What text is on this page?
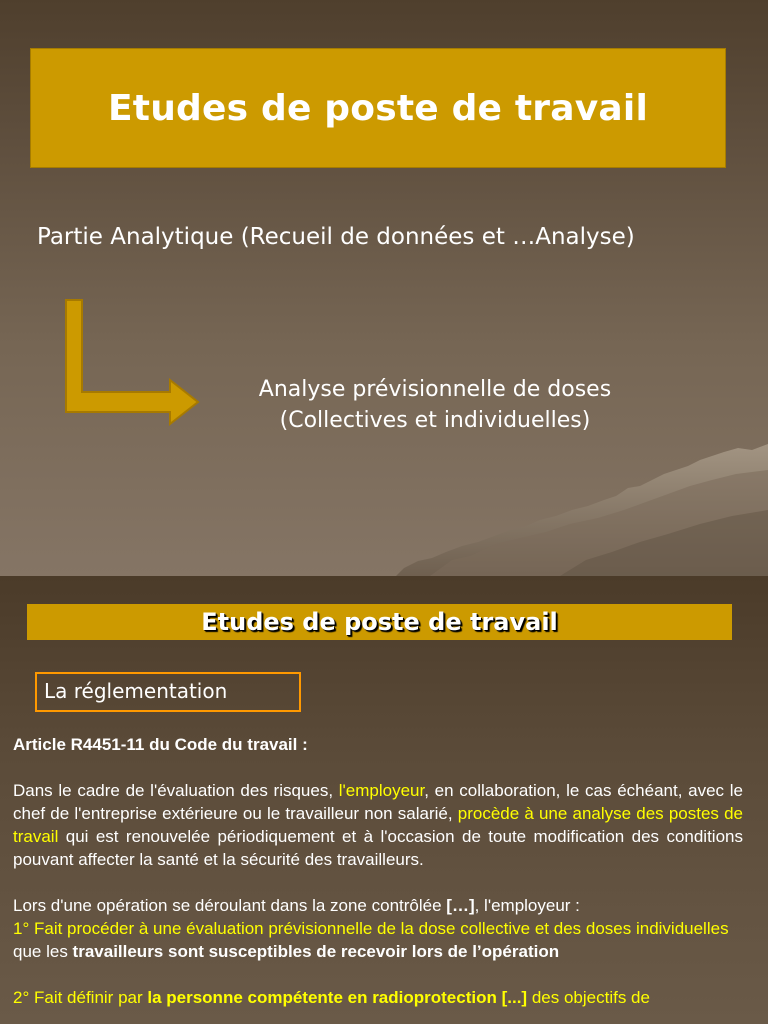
Etudes de poste de travail
Partie Analytique (Recueil de données et …Analyse)
Analyse prévisionnelle de doses
(Collectives et individuelles)
Etudes de poste de travail
La réglementation

Article R4451-11 du Code du travail :

Dans le cadre de l'évaluation des risques, l'employeur, en collaboration, le cas échéant, avec le chef de l'entreprise extérieure ou le travailleur non salarié, procède à une analyse des postes de travail qui est renouvelée périodiquement et à l'occasion de toute modification des conditions pouvant affecter la santé et la sécurité des travailleurs.

Lors d'une opération se déroulant dans la zone contrôlée […], l'employeur :

1° Fait procéder à une évaluation prévisionnelle de la dose collective et des doses individuelles que les travailleurs sont susceptibles de recevoir lors de l’opération

2° Fait définir par la personne compétente en radioprotection [...] des objectifs de
